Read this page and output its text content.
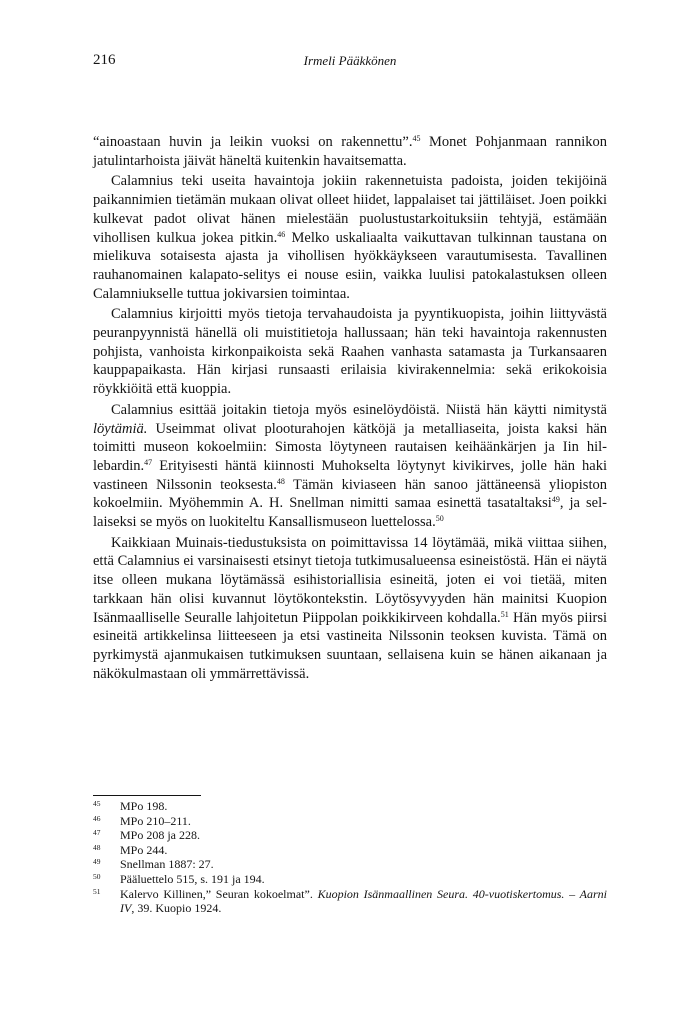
216	Irmeli Pääkkönen

“ainoastaan huvin ja leikin vuoksi on rakennettu”.$^{45}$ Monet Pohjanmaan rannikon jatulintarhoista jäivät häneltä kuitenkin havaitsematta.

Calamnius teki useita havaintoja jokiin rakennetuista padoista, joiden tekijöinä paikannimien tietämän mukaan olivat olleet hiidet, lappalaiset tai jättiläiset. Joen poikki kulkevat padot olivat hänen mielestään puolustustarkoituksiin tehtyjä, estämään vihollisen kulkua jokea pitkin.$^{46}$ Melko uskaliaalta vaikuttavan tulkinnan taustana on mielikuva sotaisesta ajasta ja vihollisen hyökkäykseen varautumisesta. Tavallinen rauhanomainen kalapato-selitys ei nouse esiin, vaikka luulisi patokalastuksen olleen Calamniukselle tuttua jokivarsien toimintaa.

Calamnius kirjoitti myös tietoja tervahaudoista ja pyyntikuopista, joihin liittyvästä peuranpyynnistä hänellä oli muistitietoja hallussaan; hän teki havaintoja rakennusten pohjista, vanhoista kirkonpaikoista sekä Raahen vanhasta satamasta ja Turkansaaren kauppapaikasta. Hän kirjasi runsaasti erilaisia kivirakennelmia: sekä erikokoisia röykkiöitä että kuoppia.

Calamnius esittää joitakin tietoja myös esinelöydöistä. Niistä hän käytti nimitystä löytämiä. Useimmat olivat plooturahojen kätköjä ja metalliaseita, joista kaksi hän toimitti museon kokoelmiin: Simosta löytyneen rautaisen keihäänkärjen ja Iin hillebardin.$^{47}$ Erityisesti häntä kiinnosti Muhokselta löytynyt kivikirves, jolle hän haki vastineen Nilssonin teoksesta.$^{48}$ Tämän kiviaseen hän sanoo jättäneensä yliopiston kokoelmiin. Myöhemmin A. H. Snellman nimitti samaa esinettä tasataltaksi$^{49}$, ja sellaiseksi se myös on luokiteltu Kansallismuseon luettelossa.$^{50}$

Kaikkiaan Muinais-tiedustuksista on poimittavissa 14 löytämää, mikä viittaa siihen, että Calamnius ei varsinaisesti etsinyt tietoja tutkimusalueensa esineistöstä. Hän ei näytä itse olleen mukana löytämässä esihistoriallisia esineitä, joten ei voi tietää, miten tarkkaan hän olisi kuvannut löytökontekstin. Löytösyvyyden hän mainitsi Kuopion Isänmaalliselle Seuralle lahjoitetun Piippolan poikkikirveen kohdalla.$^{51}$ Hän myös piirsi esineitä artikkelinsa liitteeseen ja etsi vastineita Nilssonin teoksen kuvista. Tämä on pyrkimystä ajanmukaisen tutkimuksen suuntaan, sellaisena kuin se hänen aikanaan ja näkökulmastaan oli ymmärrettävissä.

45 MPo 198.
46 MPo 210–211.
47 MPo 208 ja 228.
48 MPo 244.
49 Snellman 1887: 27.
50 Pääluettelo 515, s. 191 ja 194.
51 Kalervo Killinen,” Seuran kokoelmat”. Kuopion Isänmaallinen Seura. 40-vuotiskertomus. – Aarni IV, 39. Kuopio 1924.
